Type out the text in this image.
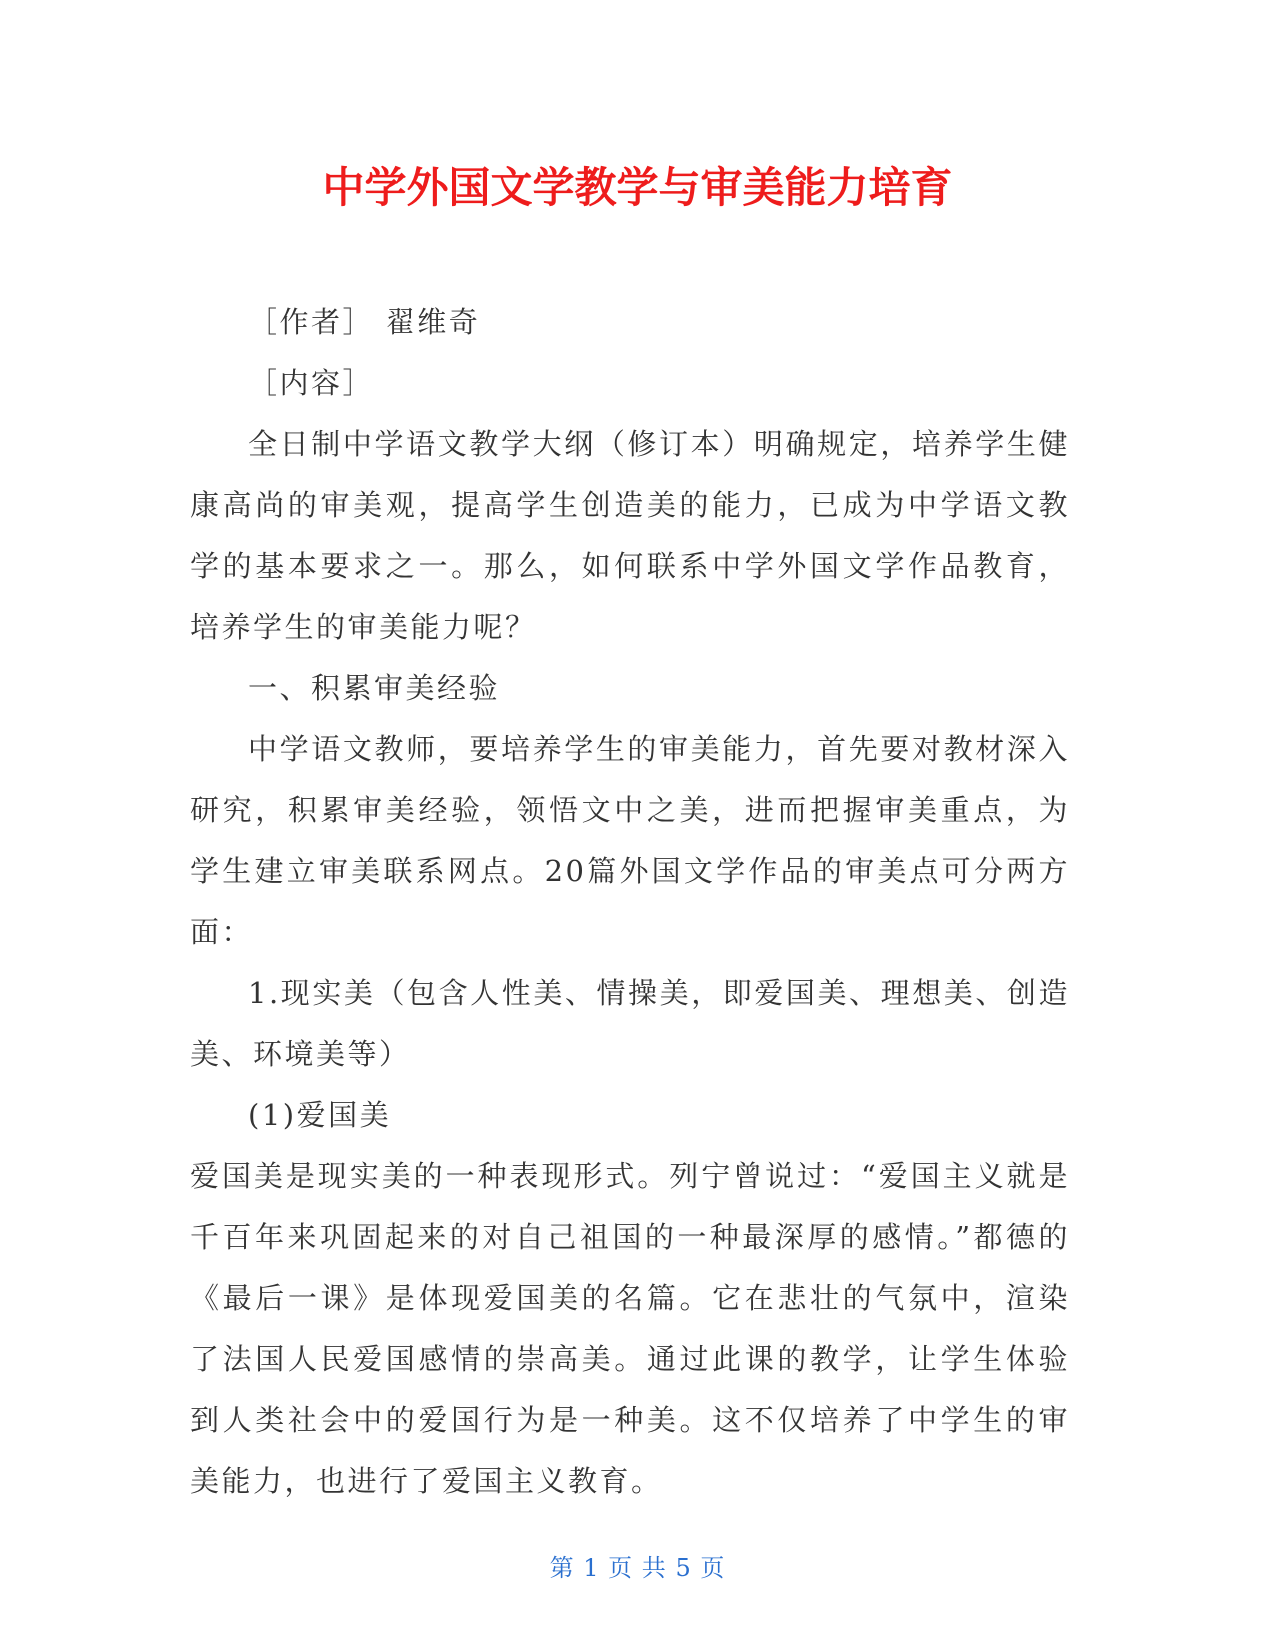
中学外国文学教学与审美能力培育

［作者］ 翟维奇

［内容］

全日制中学语文教学大纲（修订本）明确规定，培养学生健康高尚的审美观，提高学生创造美的能力，已成为中学语文教学的基本要求之一。那么，如何联系中学外国文学作品教育，培养学生的审美能力呢？

一、积累审美经验

中学语文教师，要培养学生的审美能力，首先要对教材深入研究，积累审美经验，领悟文中之美，进而把握审美重点，为学生建立审美联系网点。20篇外国文学作品的审美点可分两方面：

1.现实美（包含人性美、情操美，即爱国美、理想美、创造美、环境美等）

(1)爱国美

爱国美是现实美的一种表现形式。列宁曾说过：“爱国主义就是千百年来巩固起来的对自己祖国的一种最深厚的感情。”都德的《最后一课》是体现爱国美的名篇。它在悲壮的气氛中，渲染了法国人民爱国感情的崇高美。通过此课的教学，让学生体验到人类社会中的爱国行为是一种美。这不仅培养了中学生的审美能力，也进行了爱国主义教育。

第 1 页 共 5 页
